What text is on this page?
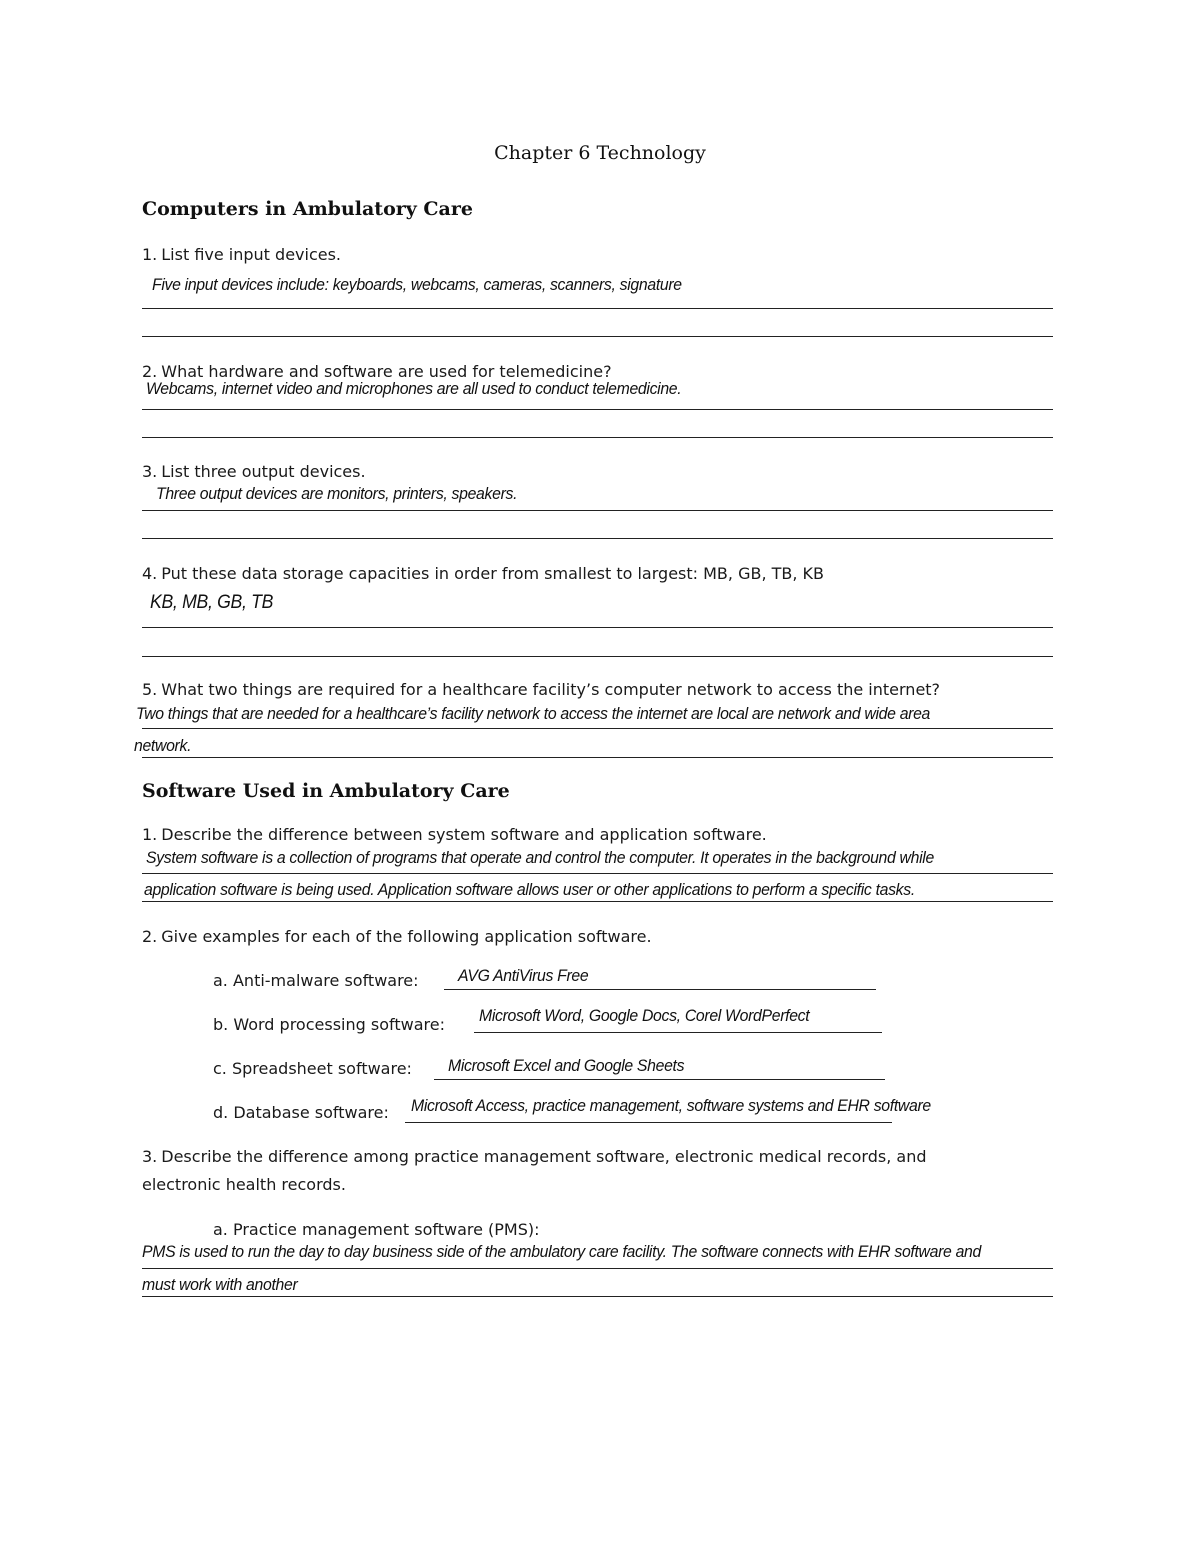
Chapter 6 Technology
Computers in Ambulatory Care
1. List five input devices.
Five input devices include: keyboards, webcams, cameras, scanners, signature
2. What hardware and software are used for telemedicine?
Webcams, internet video and microphones are all used to conduct telemedicine.
3. List three output devices.
Three output devices are monitors, printers, speakers.
4. Put these data storage capacities in order from smallest to largest: MB, GB, TB, KB
KB, MB, GB, TB
5. What two things are required for a healthcare facility’s computer network to access the internet?
Two things that are needed for a healthcare’s facility network to access the internet are local are network and wide area
network.
Software Used in Ambulatory Care
1. Describe the difference between system software and application software.
System software is a collection of programs that operate and control the computer. It operates in the background while
application software is being used. Application software allows user or other applications to perform a specific tasks.
2. Give examples for each of the following application software.
a. Anti-malware software: AVG AntiVirus Free
b. Word processing software: Microsoft Word, Google Docs, Corel WordPerfect
c. Spreadsheet software: Microsoft Excel and Google Sheets
d. Database software: Microsoft Access, practice management, software systems and EHR software
3. Describe the difference among practice management software, electronic medical records, and
electronic health records.
a. Practice management software (PMS):
PMS is used to run the day to day business side of the ambulatory care facility. The software connects with EHR software and
must work with another
